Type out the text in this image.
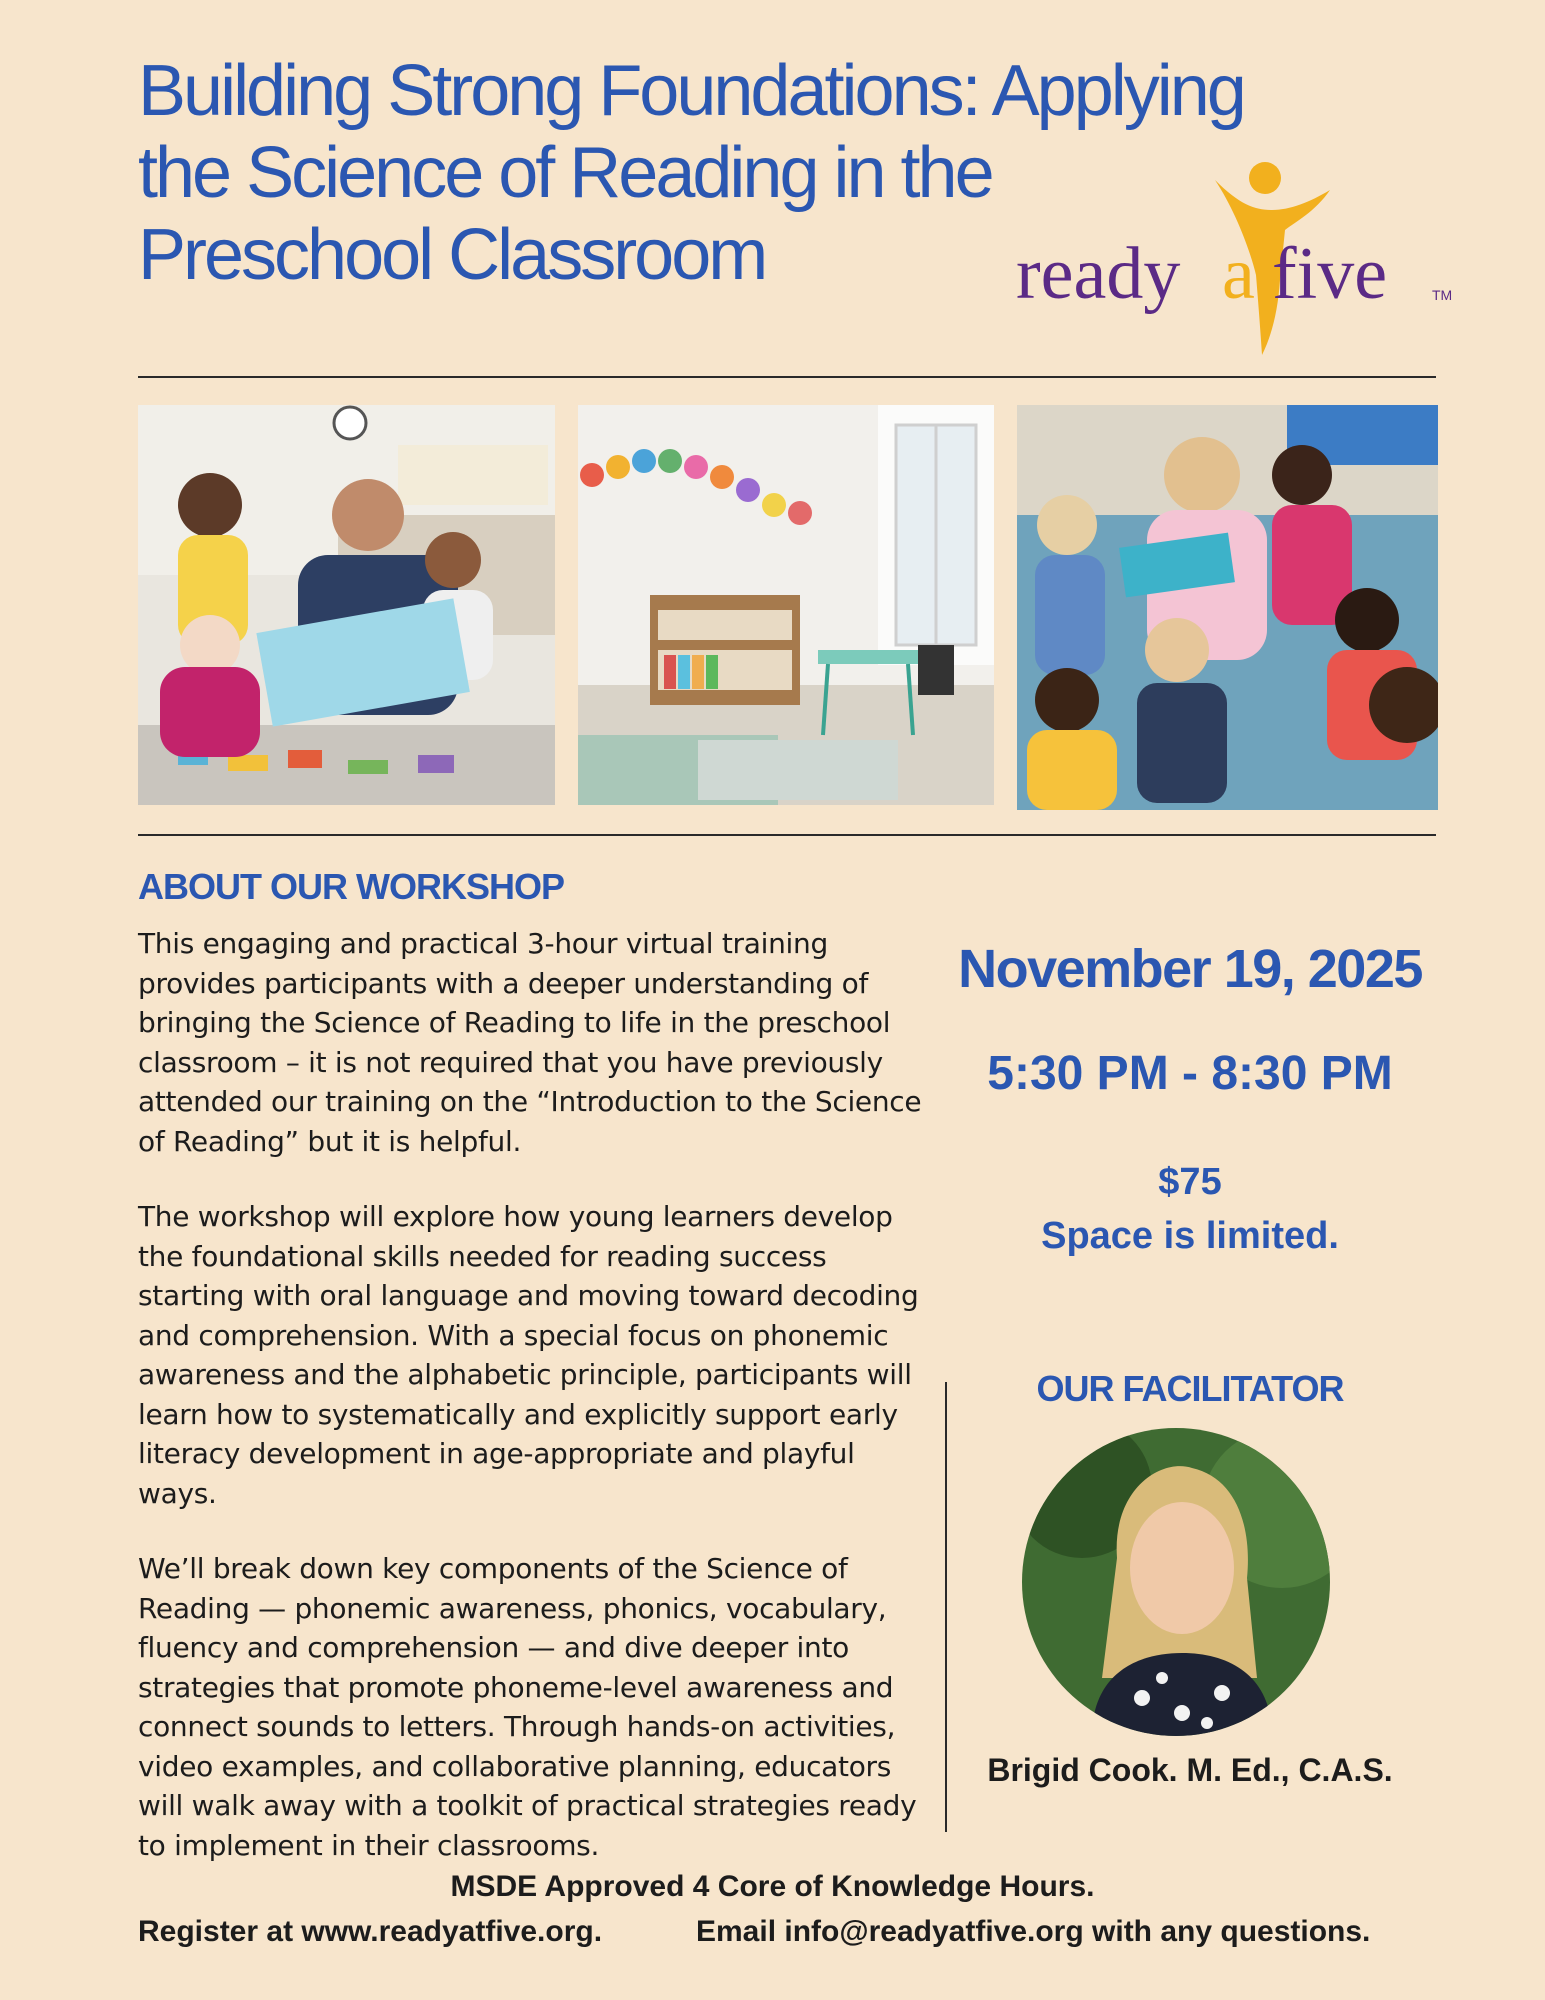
Building Strong Foundations: Applying
the Science of Reading in the
Preschool Classroom	ready a five	TM
ABOUT OUR WORKSHOP

This engaging and practical 3-hour virtual training provides participants with a deeper understanding of bringing the Science of Reading to life in the preschool classroom – it is not required that you have previously attended our training on the “Introduction to the Science of Reading” but it is helpful.

The workshop will explore how young learners develop the foundational skills needed for reading success starting with oral language and moving toward decoding and comprehension. With a special focus on phonemic awareness and the alphabetic principle, participants will learn how to systematically and explicitly support early literacy development in age-appropriate and playful ways.

We’ll break down key components of the Science of Reading — phonemic awareness, phonics, vocabulary, fluency and comprehension — and dive deeper into strategies that promote phoneme-level awareness and connect sounds to letters. Through hands-on activities, video examples, and collaborative planning, educators will walk away with a toolkit of practical strategies ready to implement in their classrooms.

November 19, 2025
5:30 PM - 8:30 PM
$75
Space is limited.
OUR FACILITATOR
Brigid Cook. M. Ed., C.A.S.
MSDE Approved 4 Core of Knowledge Hours.
Register at www.readyatfive.org.	Email info@readyatfive.org with any questions.
